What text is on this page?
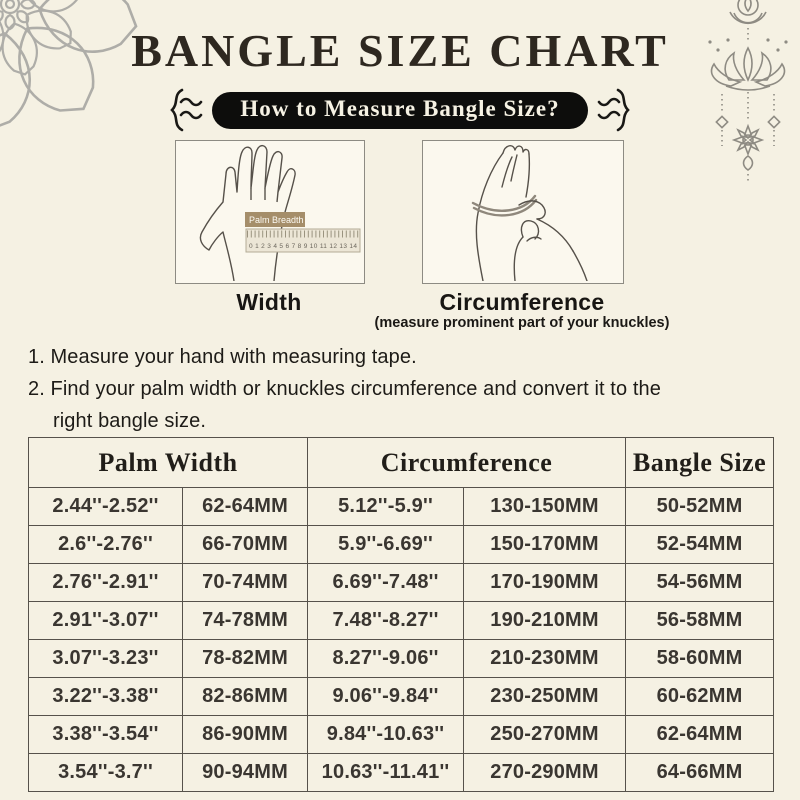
BANGLE SIZE CHART
How to Measure Bangle Size?
0 1 2 3 4 5 6 7 8 9 10 11 12 13 14
Palm Breadth
Width	Circumference
(measure prominent part of your knuckles)
1. Measure your hand with measuring tape.
2. Find your palm width or knuckles circumference and convert it to the
right bangle size.
Palm Width		Circumference		Bangle Size
2.44''-2.52''	62-64MM	5.12''-5.9''	130-150MM	50-52MM
2.6''-2.76''	66-70MM	5.9''-6.69''	150-170MM	52-54MM
2.76''-2.91''	70-74MM	6.69''-7.48''	170-190MM	54-56MM
2.91''-3.07''	74-78MM	7.48''-8.27''	190-210MM	56-58MM
3.07''-3.23''	78-82MM	8.27''-9.06''	210-230MM	58-60MM
3.22''-3.38''	82-86MM	9.06''-9.84''	230-250MM	60-62MM
3.38''-3.54''	86-90MM	9.84''-10.63''	250-270MM	62-64MM
3.54''-3.7''	90-94MM	10.63''-11.41''	270-290MM	64-66MM
